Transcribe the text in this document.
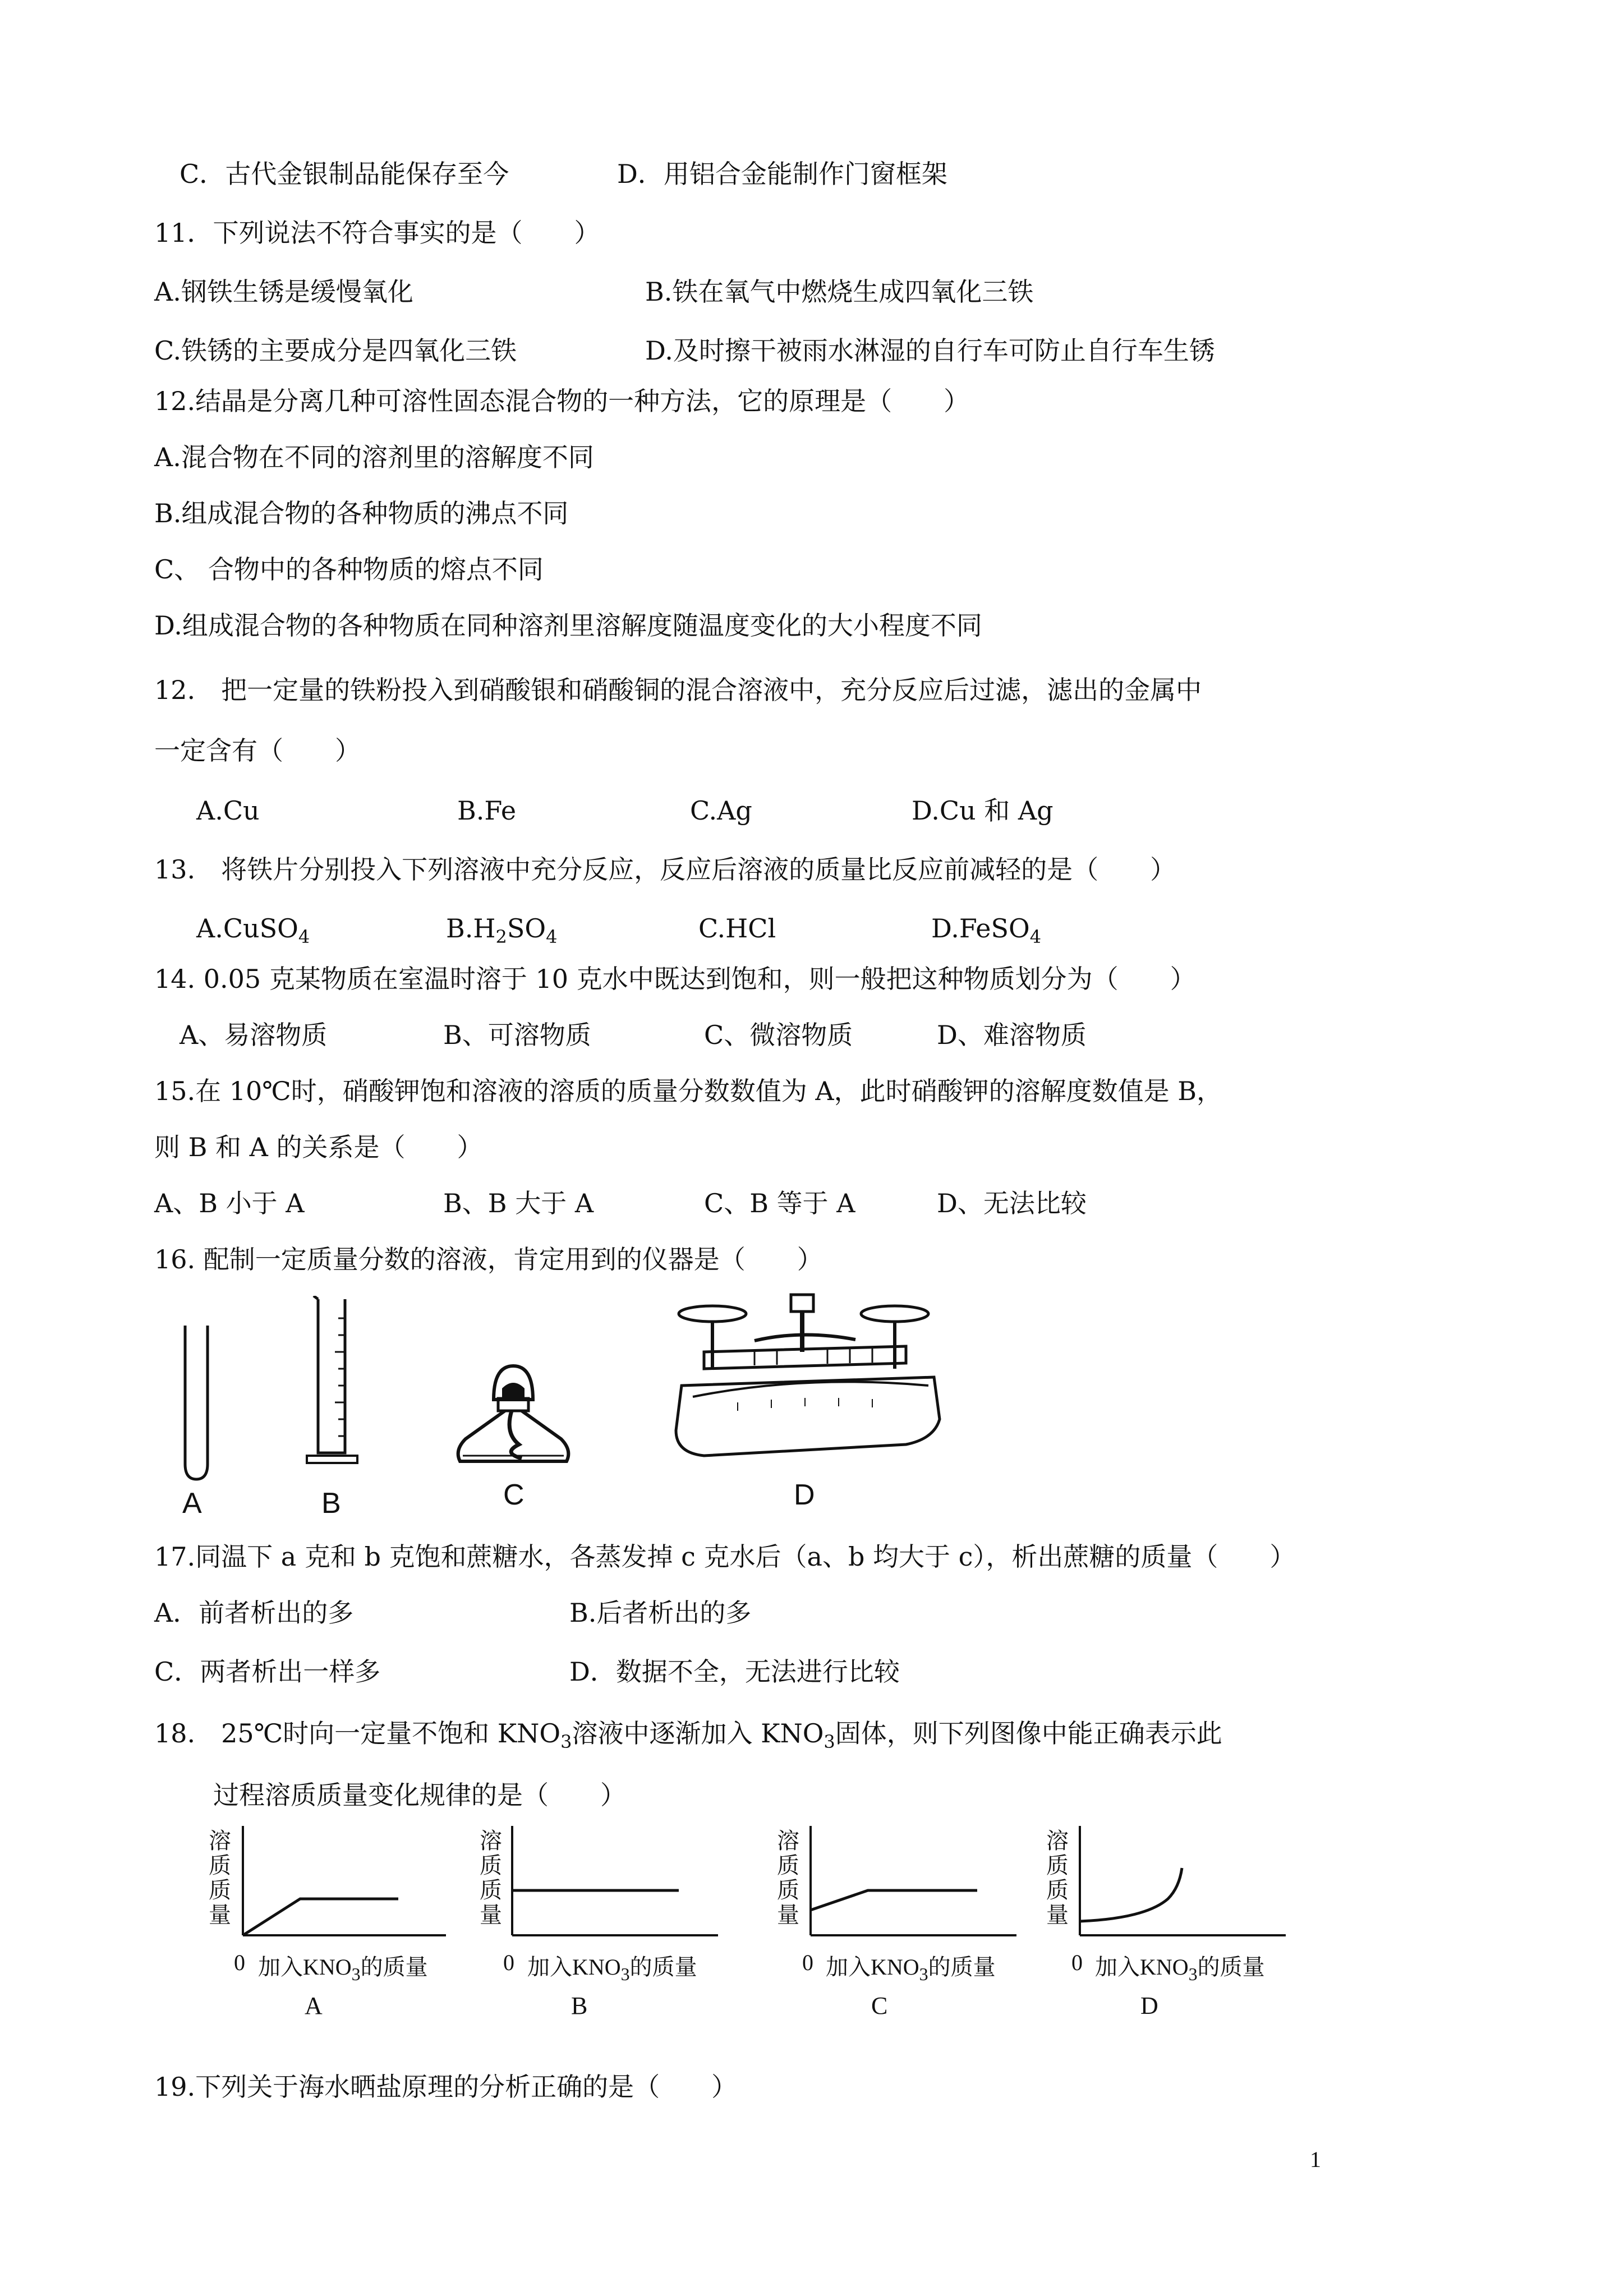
C．古代金银制品能保存至今	D．用铝合金能制作门窗框架
11．下列说法不符合事实的是（　　）
A.钢铁生锈是缓慢氧化	B.铁在氧气中燃烧生成四氧化三铁
C.铁锈的主要成分是四氧化三铁	D.及时擦干被雨水淋湿的自行车可防止自行车生锈
12.结晶是分离几种可溶性固态混合物的一种方法，它的原理是（　　）
A.混合物在不同的溶剂里的溶解度不同
B.组成混合物的各种物质的沸点不同
C、 合物中的各种物质的熔点不同
D.组成混合物的各种物质在同种溶剂里溶解度随温度变化的大小程度不同
12.　把一定量的铁粉投入到硝酸银和硝酸铜的混合溶液中，充分反应后过滤，滤出的金属中
一定含有（　　）
A.Cu	B.Fe	C.Ag	D.Cu 和 Ag
13.　将铁片分别投入下列溶液中充分反应，反应后溶液的质量比反应前减轻的是（　　）
A.CuSO$_4$	$B.H_2SO_4$	C.HCl	D.FeSO$_4$
14. 0.05 克某物质在室温时溶于 10 克水中既达到饱和，则一般把这种物质划分为（　　）
A、易溶物质	B、可溶物质	C、微溶物质	D、难溶物质
15.在 10℃时，硝酸钾饱和溶液的溶质的质量分数数值为 A，此时硝酸钾的溶解度数值是 B，
则 B 和 A 的关系是（　　）
A、B 小于 A	B、B 大于 A	C、B 等于 A	D、无法比较
16. 配制一定质量分数的溶液，肯定用到的仪器是（　　）
A	B	C	D
17.同温下 a 克和 b 克饱和蔗糖水，各蒸发掉 c 克水后（a、b 均大于 c），析出蔗糖的质量（　　）
A．前者析出的多	B.后者析出的多
C．两者析出一样多	D．数据不全，无法进行比较
18.　25℃时向一定量不饱和 $KNO_3$溶液中逐渐加入 $KNO_3$固体，则下列图像中能正确表示此
过程溶质质量变化规律的是（　　）
溶
质
质
量
0 加入$KNO_3$的质量
A
溶
质
质
量
0 加入$KNO_3$的质量
B
溶
质
质
量
0 加入$KNO_3$的质量
C
溶
质
质
量
0 加入$KNO_3$的质量
D
19.下列关于海水晒盐原理的分析正确的是（　　）
1
